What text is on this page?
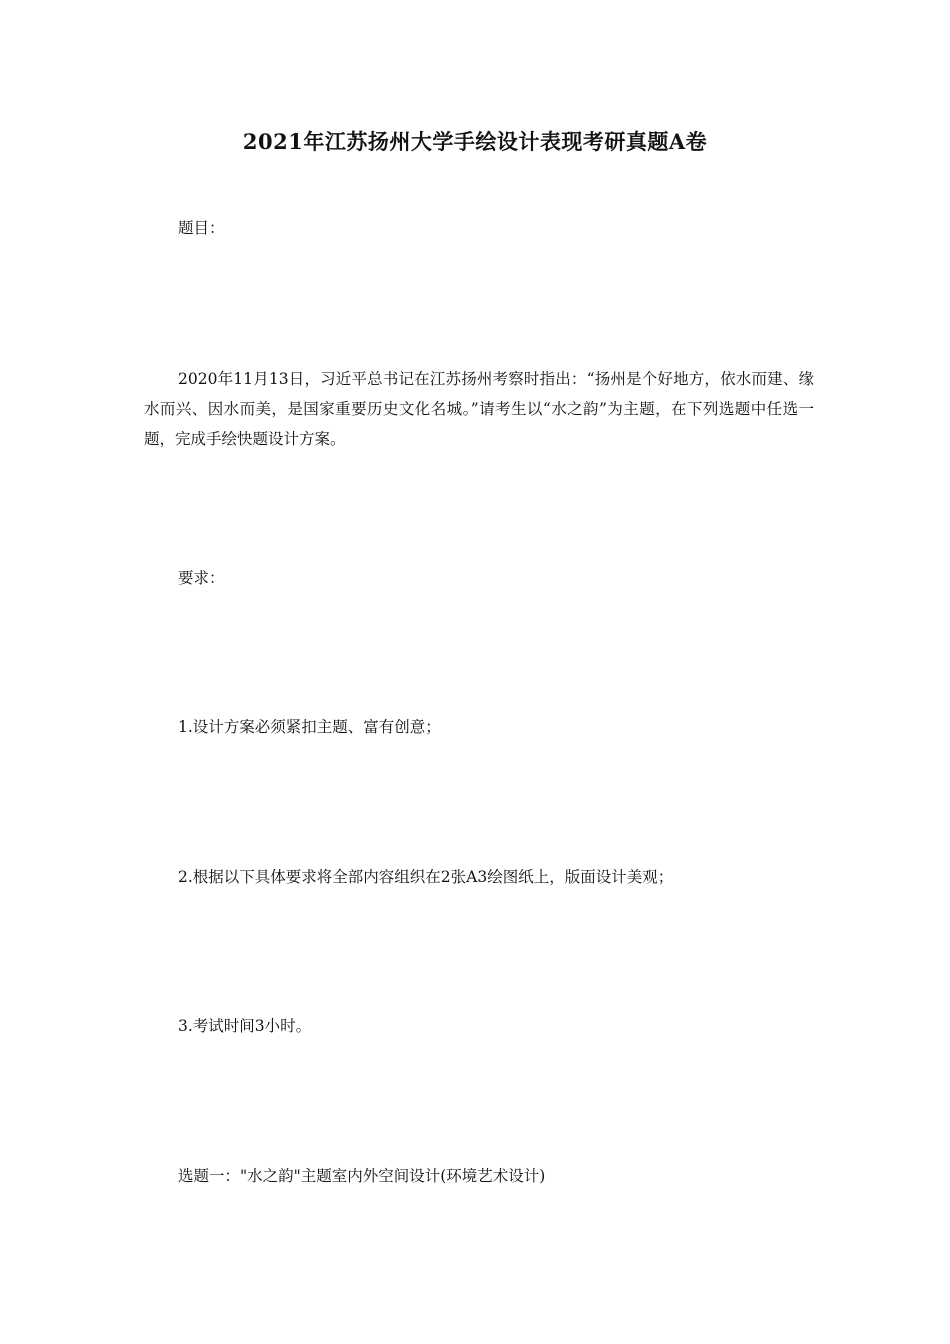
2021年江苏扬州大学手绘设计表现考研真题A卷
题目：
2020年11月13日，习近平总书记在江苏扬州考察时指出：“扬州是个好地方，依水而建、缘水而兴、因水而美，是国家重要历史文化名城。”请考生以“水之韵”为主题，在下列选题中任选一题，完成手绘快题设计方案。
要求：
1.设计方案必须紧扣主题、富有创意；
2.根据以下具体要求将全部内容组织在2张A3绘图纸上，版面设计美观；
3.考试时间3小时。
选题一："水之韵"主题室内外空间设计(环境艺术设计)
